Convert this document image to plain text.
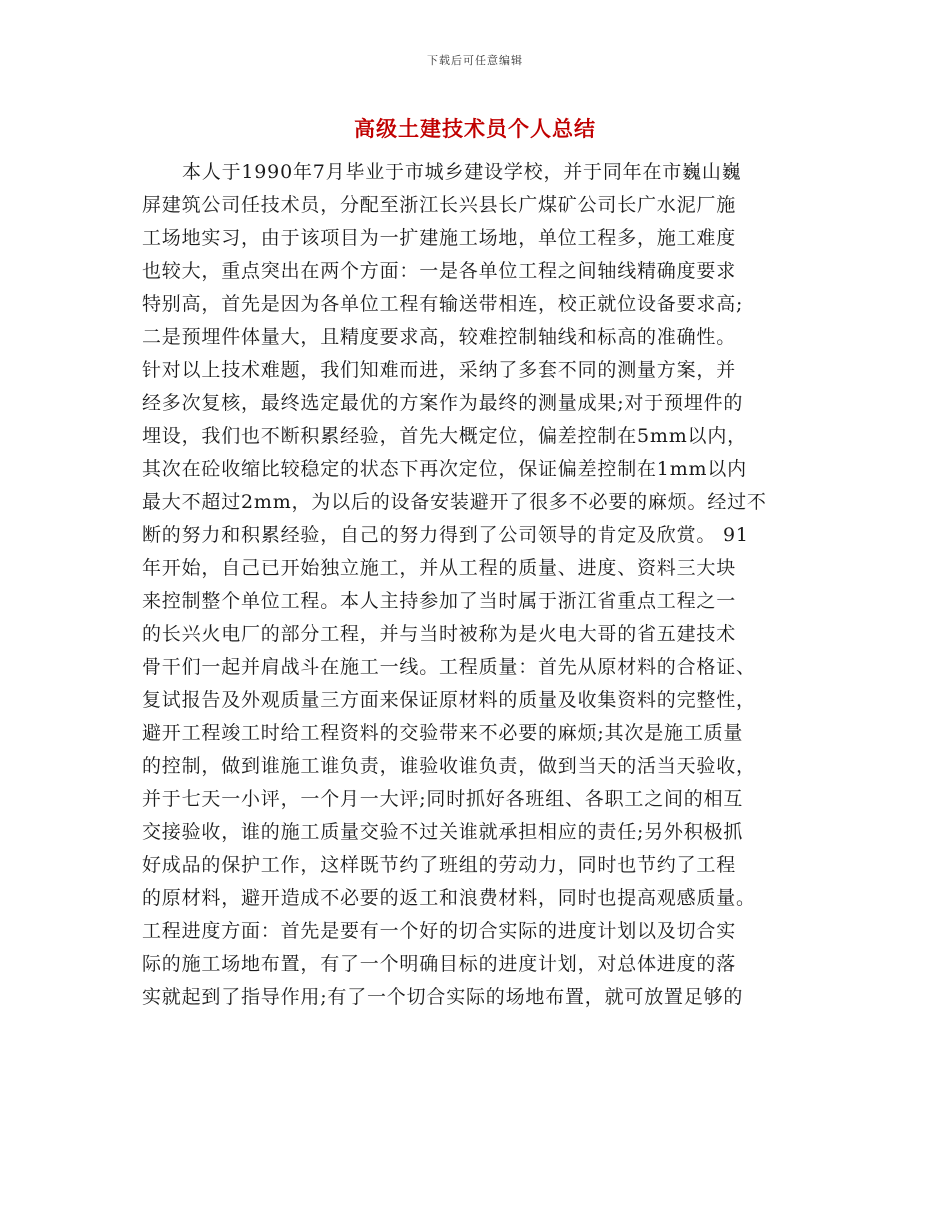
下载后可任意编辑
高级土建技术员个人总结
本人于1990年7月毕业于市城乡建设学校，并于同年在市巍山巍
屏建筑公司任技术员，分配至浙江长兴县长广煤矿公司长广水泥厂施
工场地实习，由于该项目为一扩建施工场地，单位工程多，施工难度
也较大，重点突出在两个方面：一是各单位工程之间轴线精确度要求
特别高，首先是因为各单位工程有输送带相连，校正就位设备要求高;
二是预埋件体量大，且精度要求高，较难控制轴线和标高的准确性。
针对以上技术难题，我们知难而进，采纳了多套不同的测量方案，并
经多次复核，最终选定最优的方案作为最终的测量成果;对于预埋件的
埋设，我们也不断积累经验，首先大概定位，偏差控制在5mm以内，
其次在砼收缩比较稳定的状态下再次定位，保证偏差控制在1mm以内
最大不超过2mm，为以后的设备安装避开了很多不必要的麻烦。经过不
断的努力和积累经验，自己的努力得到了公司领导的肯定及欣赏。 91
年开始，自己已开始独立施工，并从工程的质量、进度、资料三大块
来控制整个单位工程。本人主持参加了当时属于浙江省重点工程之一
的长兴火电厂的部分工程，并与当时被称为是火电大哥的省五建技术
骨干们一起并肩战斗在施工一线。工程质量：首先从原材料的合格证、
复试报告及外观质量三方面来保证原材料的质量及收集资料的完整性，
避开工程竣工时给工程资料的交验带来不必要的麻烦;其次是施工质量
的控制，做到谁施工谁负责，谁验收谁负责，做到当天的活当天验收，
并于七天一小评，一个月一大评;同时抓好各班组、各职工之间的相互
交接验收，谁的施工质量交验不过关谁就承担相应的责任;另外积极抓
好成品的保护工作，这样既节约了班组的劳动力，同时也节约了工程
的原材料，避开造成不必要的返工和浪费材料，同时也提高观感质量。
工程进度方面：首先是要有一个好的切合实际的进度计划以及切合实
际的施工场地布置，有了一个明确目标的进度计划，对总体进度的落
实就起到了指导作用;有了一个切合实际的场地布置，就可放置足够的
